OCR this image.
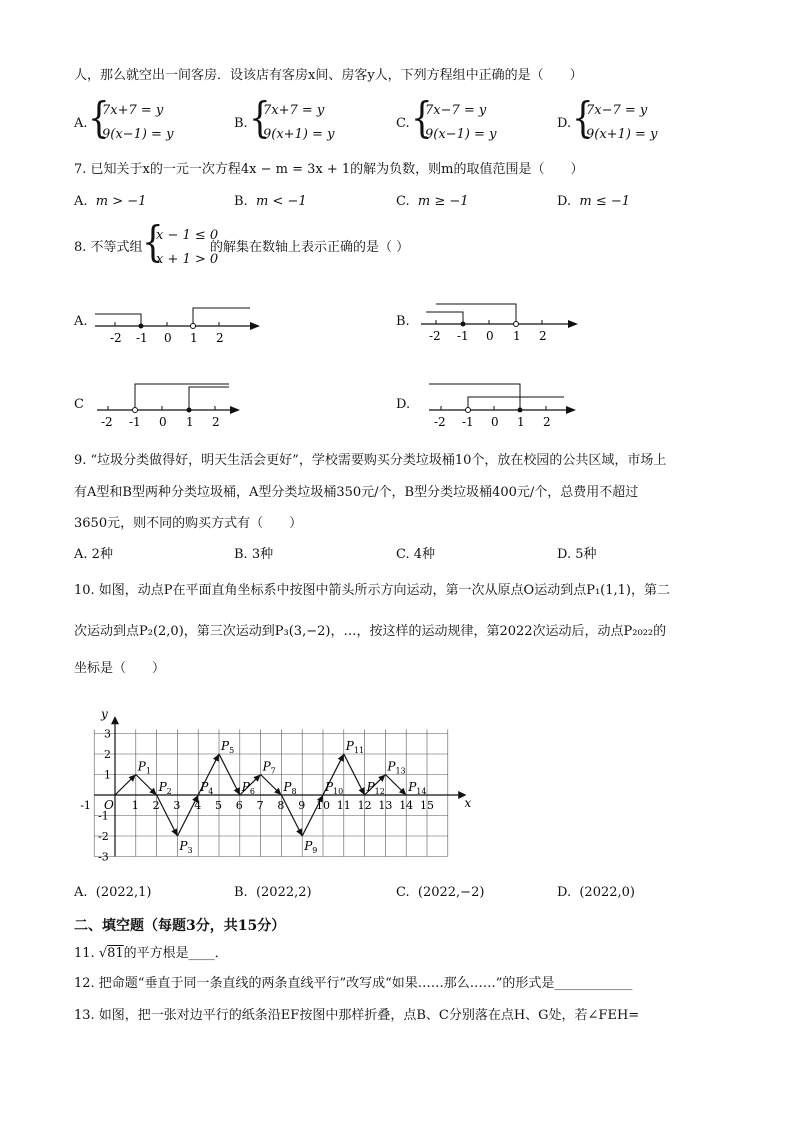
人，那么就空出一间客房．设该店有客房x间、房客y人，下列方程组中正确的是（　　）
A. {
7x+7 = y
9(x−1) = y
B. {
7x+7 = y
9(x+1) = y
C. {
7x−7 = y
9(x−1) = y
D. {
7x−7 = y
9(x+1) = y
7. 已知关于x的一元一次方程4x − m = 3x + 1的解为负数，则m的取值范围是（　　）
A. m > −1	B. m < −1	C. m ≥ −1	D. m ≤ −1
8. 不等式组 {
x − 1 ≤ 0
x + 1 > 0
的解集在数轴上表示正确的是（ ）
A.
-2 -1 0 1 2
B.
-2 -1 0 1 2
C
-2 -1 0 1 2
D.
-2 -1 0 1 2
9. “垃圾分类做得好，明天生活会更好”，学校需要购买分类垃圾桶10个，放在校园的公共区域，市场上
有A型和B型两种分类垃圾桶，A型分类垃圾桶350元/个，B型分类垃圾桶400元/个，总费用不超过
3650元，则不同的购买方式有（　　）
A. 2种	B. 3种	C. 4种	D. 5种
10. 如图，动点P在平面直角坐标系中按图中箭头所示方向运动，第一次从原点O运动到点P₁(1,1)，第二
次运动到点P₂(2,0)，第三次运动到P₃(3,−2)，…，按这样的运动规律，第2022次运动后，动点P₂₀₂₂的
坐标是（　　）
x
y
O
-1	1 2 3 4 5 6 7 8 9 10 11 12 13 14 15
3
2
1
-1
-2
-3
$P_1$
$P_2$
$P_3$
$P_4$
$P_5$
$P_6$
$P_7$
$P_8$
$P_9$
$P_{10}$
$P_{11}$
$P_{12}$
$P_{13}$
$P_{14}$
A. (2022,1)	B. (2022,2)	C. (2022,−2)	D. (2022,0)
二、填空题（每题3分，共15分）
11. √81的平方根是____．
12. 把命题“垂直于同一条直线的两条直线平行”改写成“如果……那么……”的形式是____________
13. 如图，把一张对边平行的纸条沿EF按图中那样折叠，点B、C分别落在点H、G处，若∠FEH=
